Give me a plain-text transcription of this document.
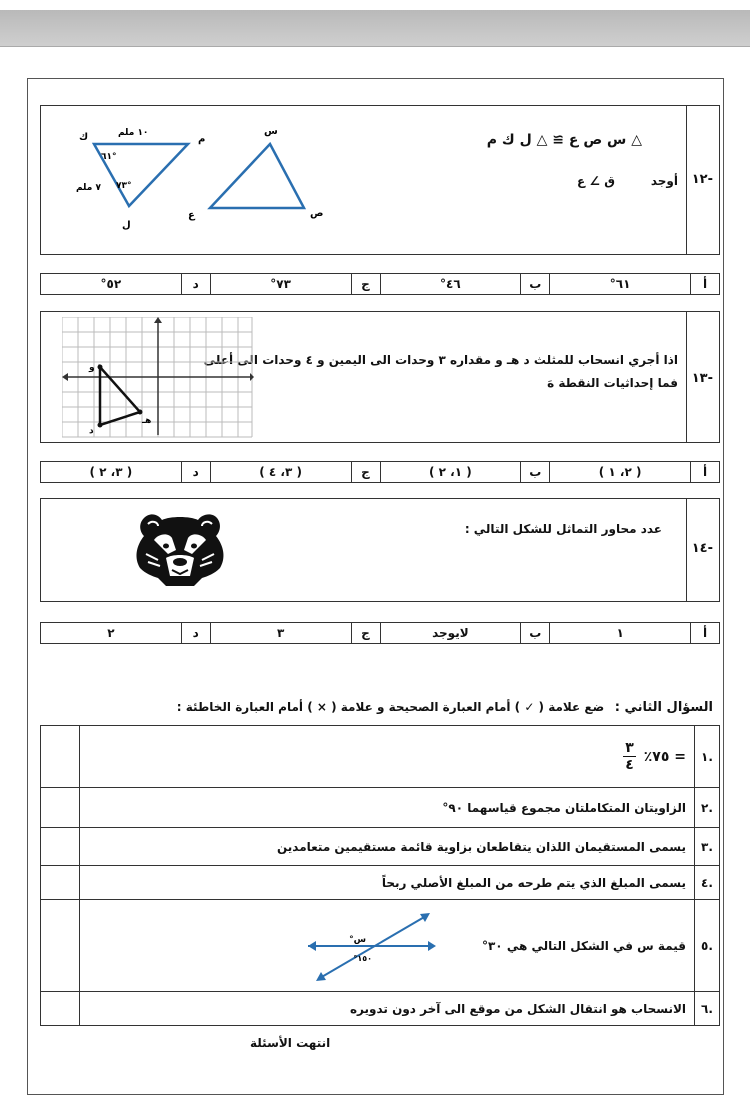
-١٢
△ س ص ع ≅ △ ل ك م
أوجد
ق ∠ ع
ك	م
ل
١٠ ملم
٧ ملم
٦١°
٧٣°
س
ع	ص
أ	٦١°	ب	٤٦°	ج	٧٣°	د	٥٢°
-١٣
اذا أجري انسحاب للمثلث د هـ و مقداره ٣ وحدات الى اليمين و ٤ وحدات الى أعلى
فما إحداثيات النقطة هَ
و
د
هـ
أ	( ٢، ١ )	ب	( ١، ٢ )	ج	( ٣، ٤ )	د	( ٣، ٢ )
-١٤
عدد محاور التماثل للشكل التالي :
أ	١	ب	لايوجد	ج	٣	د	٢
السؤال الثاني : ضع علامة ( ✓ ) أمام العبارة الصحيحة و علامة ( × ) أمام العبارة الخاطئة :
.١	٣
٤
= ٧٥٪	

.٢	الزاويتان المتكاملتان مجموع قياسهما ٩٠°	
.٣	يسمى المستقيمان اللذان يتقاطعان بزاوية قائمة مستقيمين متعامدين	
.٤	يسمى المبلغ الذي يتم طرحه من المبلغ الأصلي ربحاً	
.٥	قيمة س في الشكل التالي هي ٣٠°
س°
١٥٠°	

.٦	الانسحاب هو انتقال الشكل من موقع الى آخر دون تدويره	
انتهت الأسئلة
